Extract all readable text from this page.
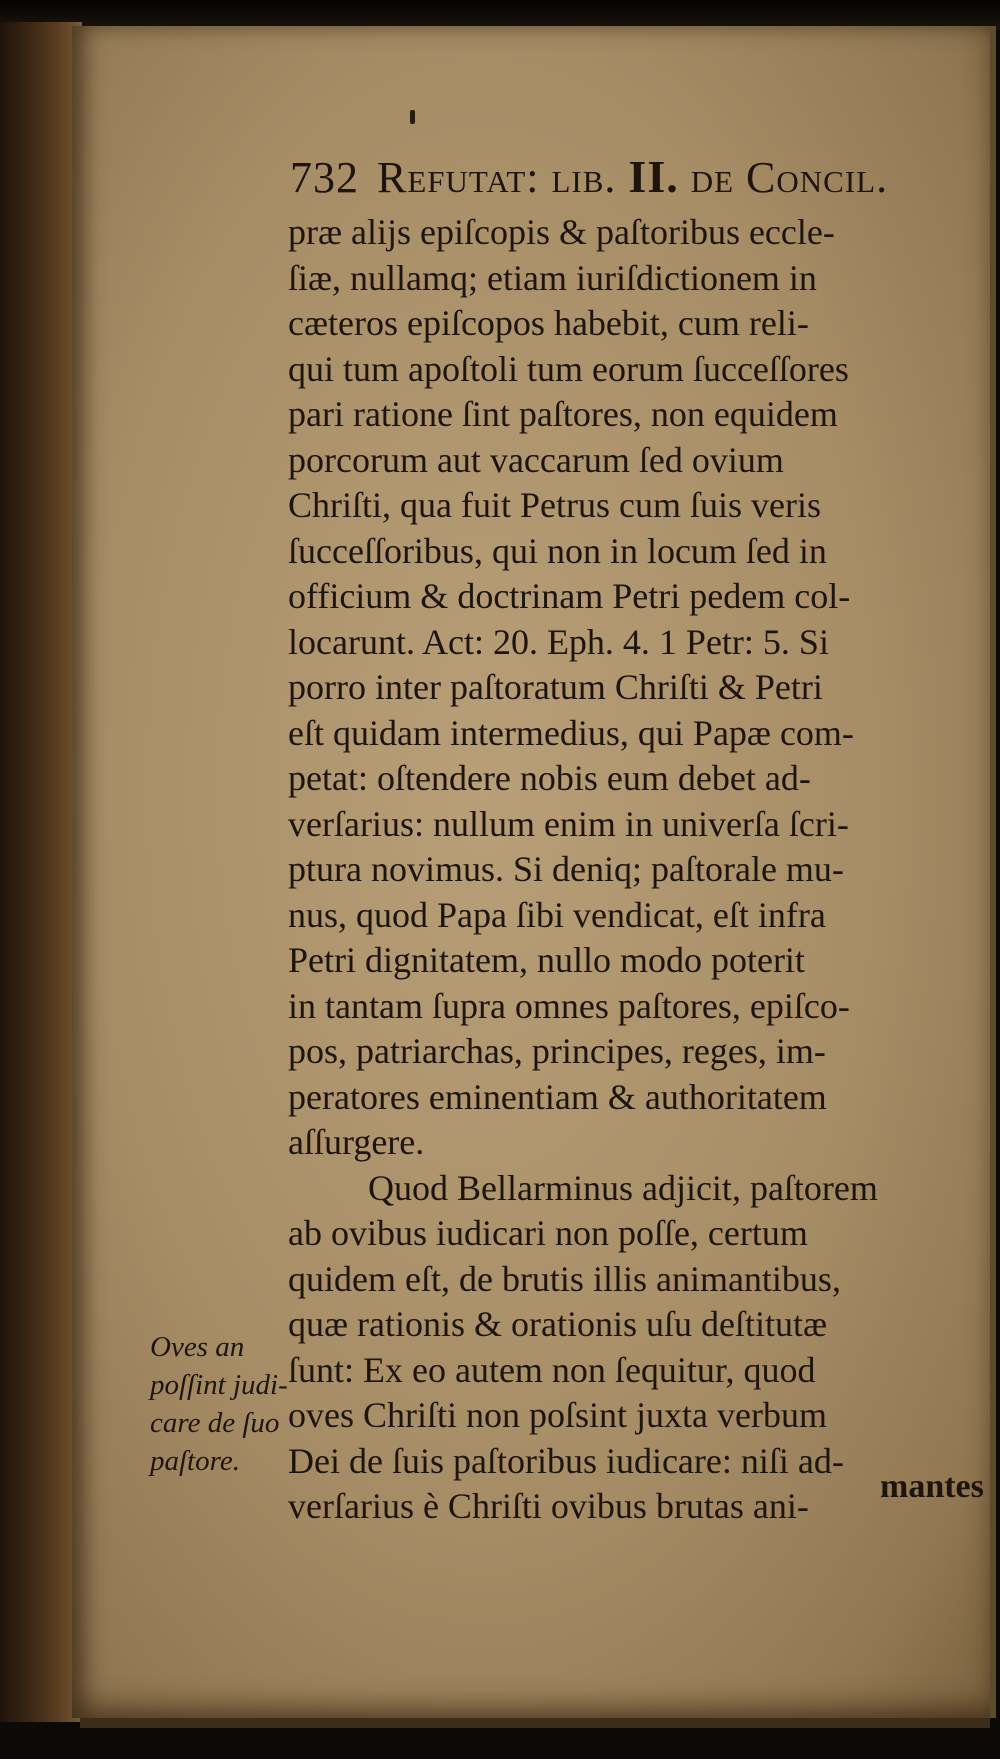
732 Refutat: lib. II. de Concil.
præ alijs epiſcopis & paſtoribus eccle-
ſiæ, nullamq; etiam iuriſdictionem in
cæteros epiſcopos habebit, cum reli-
qui tum apoſtoli tum eorum ſucceſſores
pari ratione ſint paſtores, non equidem
porcorum aut vaccarum ſed ovium
Chriſti, qua fuit Petrus cum ſuis veris
ſucceſſoribus, qui non in locum ſed in
officium & doctrinam Petri pedem col-
locarunt. Act: 20. Eph. 4. 1 Petr: 5. Si
porro inter paſtoratum Chriſti & Petri
eſt quidam intermedius, qui Papæ com-
petat: oſtendere nobis eum debet ad-
verſarius: nullum enim in univerſa ſcri-
ptura novimus. Si deniq; paſtorale mu-
nus, quod Papa ſibi vendicat, eſt infra
Petri dignitatem, nullo modo poterit
in tantam ſupra omnes paſtores, epiſco-
pos, patriarchas, principes, reges, im-
peratores eminentiam & authoritatem
aſſurgere.
Quod Bellarminus adjicit, paſtorem
ab ovibus iudicari non poſſe, certum
quidem eſt, de brutis illis animantibus,
quæ rationis & orationis uſu deſtitutæ
ſunt: Ex eo autem non ſequitur, quod
oves Chriſti non poſsint juxta verbum
Dei de ſuis paſtoribus iudicare: niſi ad-
verſarius è Chriſti ovibus brutas ani-	mantes
Oves an
poſſint judi-
care de ſuo
paſtore.
